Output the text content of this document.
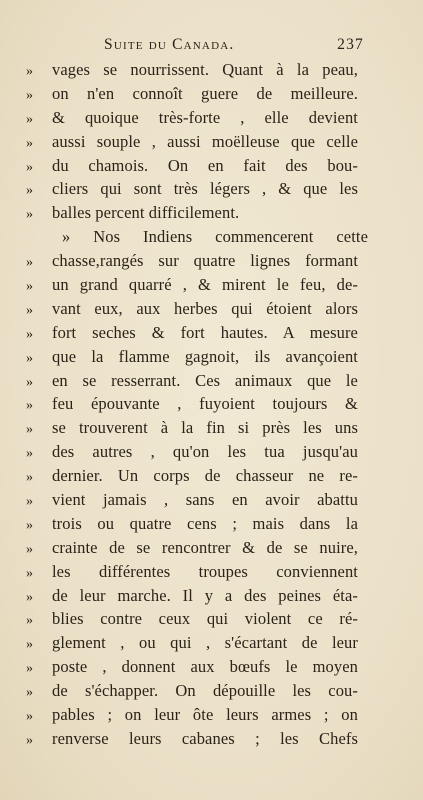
Suite du Canada.	237
» vages se nourrissent. Quant à la peau,
» on n'en connoît guere de meilleure.
» & quoique très-forte , elle devient
» aussi souple , aussi moëlleuse que celle
» du chamois. On en fait des bou-
» cliers qui sont très légers , & que les
» balles percent difficilement.
» Nos Indiens commencerent cette
» chasse,rangés sur quatre lignes formant
» un grand quarré , & mirent le feu, de-
» vant eux, aux herbes qui étoient alors
» fort seches & fort hautes. A mesure
» que la flamme gagnoit, ils avançoient
» en se resserrant. Ces animaux que le
» feu épouvante , fuyoient toujours &
» se trouverent à la fin si près les uns
» des autres , qu'on les tua jusqu'au
» dernier. Un corps de chasseur ne re-
» vient jamais , sans en avoir abattu
» trois ou quatre cens ; mais dans la
» crainte de se rencontrer & de se nuire,
» les différentes troupes conviennent
» de leur marche. Il y a des peines éta-
» blies contre ceux qui violent ce ré-
» glement , ou qui , s'écartant de leur
» poste , donnent aux bœufs le moyen
» de s'échapper. On dépouille les cou-
» pables ; on leur ôte leurs armes ; on
» renverse leurs cabanes ; les Chefs
